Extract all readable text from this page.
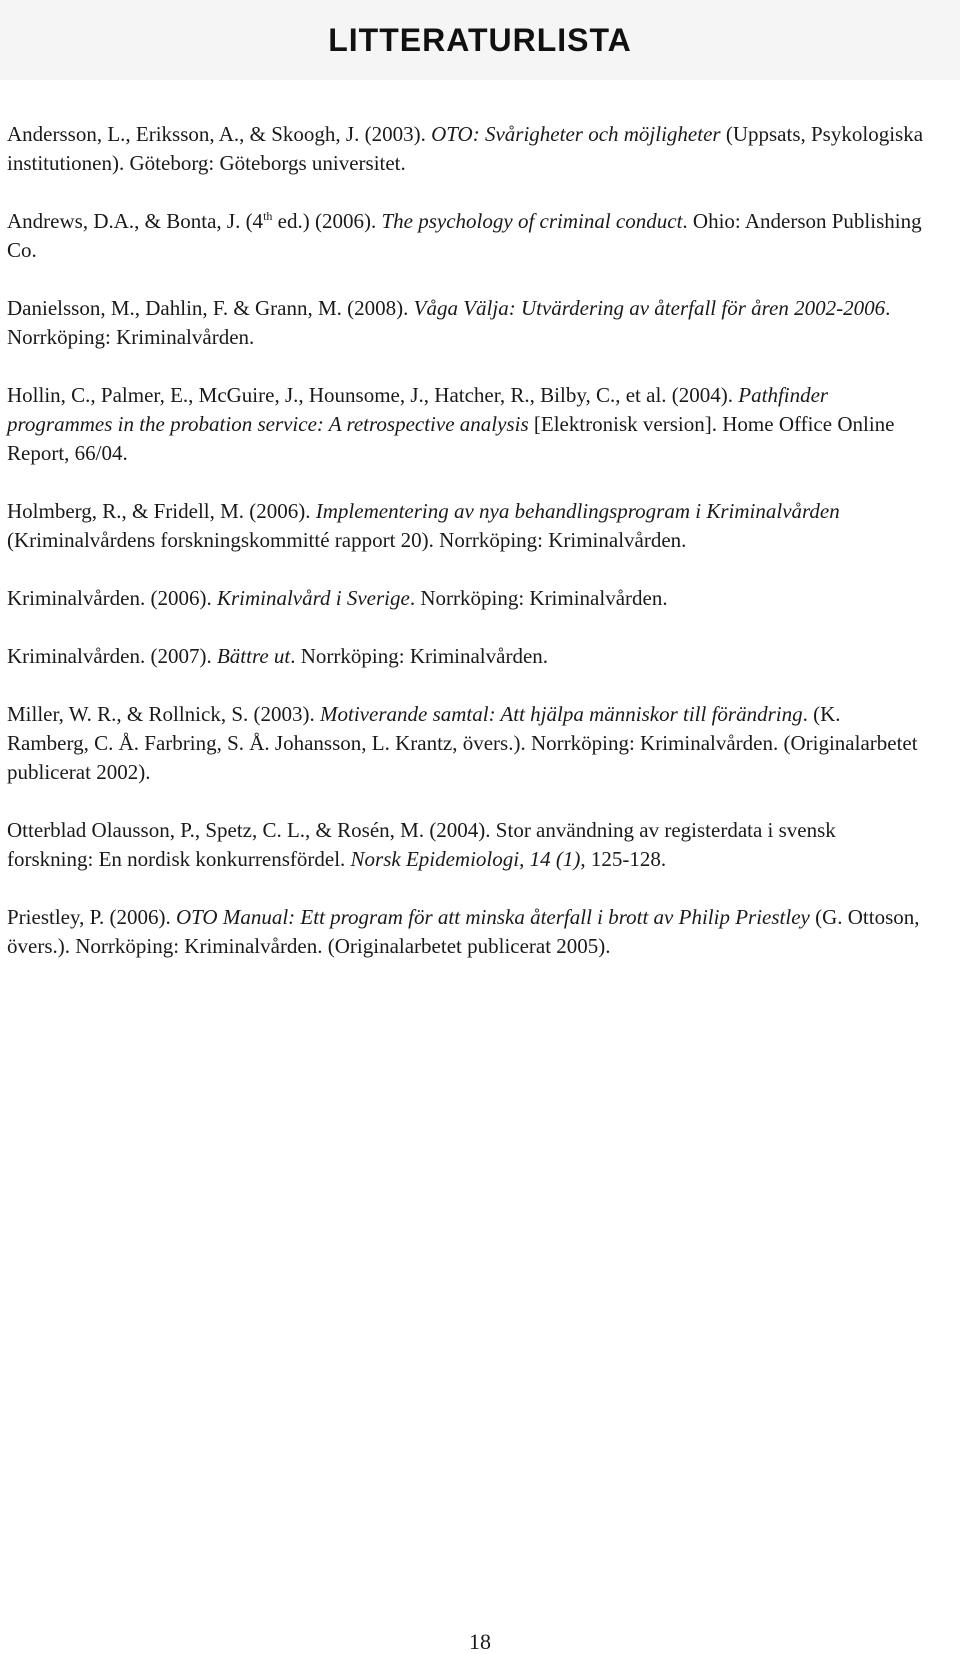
LITTERATURLISTA
Andersson, L., Eriksson, A., & Skoogh, J. (2003). OTO: Svårigheter och möjligheter (Uppsats, Psykologiska institutionen). Göteborg: Göteborgs universitet.
Andrews, D.A., & Bonta, J. (4th ed.) (2006). The psychology of criminal conduct. Ohio: Anderson Publishing Co.
Danielsson, M., Dahlin, F. & Grann, M. (2008). Våga Välja: Utvärdering av återfall för åren 2002-2006. Norrköping: Kriminalvården.
Hollin, C., Palmer, E., McGuire, J., Hounsome, J., Hatcher, R., Bilby, C., et al. (2004). Pathfinder programmes in the probation service: A retrospective analysis [Elektronisk version]. Home Office Online Report, 66/04.
Holmberg, R., & Fridell, M. (2006). Implementering av nya behandlingsprogram i Kriminalvården (Kriminalvårdens forskningskommitté rapport 20). Norrköping: Kriminalvården.
Kriminalvården. (2006). Kriminalvård i Sverige. Norrköping: Kriminalvården.
Kriminalvården. (2007). Bättre ut. Norrköping: Kriminalvården.
Miller, W. R., & Rollnick, S. (2003). Motiverande samtal: Att hjälpa människor till förändring. (K. Ramberg, C. Å. Farbring, S. Å. Johansson, L. Krantz, övers.). Norrköping: Kriminalvården. (Originalarbetet publicerat 2002).
Otterblad Olausson, P., Spetz, C. L., & Rosén, M. (2004). Stor användning av registerdata i svensk forskning: En nordisk konkurrensfördel. Norsk Epidemiologi, 14 (1), 125-128.
Priestley, P. (2006). OTO Manual: Ett program för att minska återfall i brott av Philip Priestley (G. Ottoson, övers.). Norrköping: Kriminalvården. (Originalarbetet publicerat 2005).
18
